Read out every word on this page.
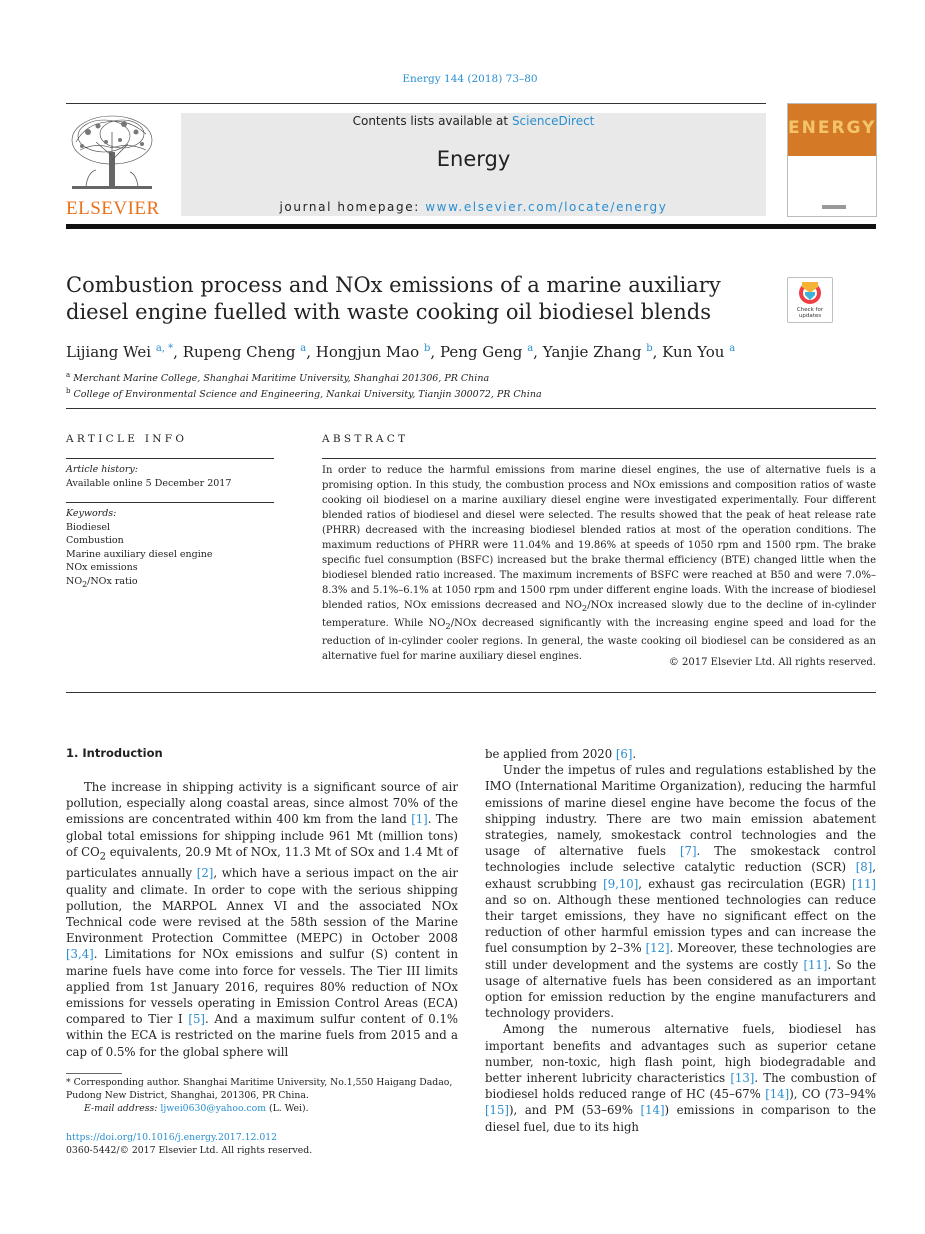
Energy 144 (2018) 73–80
ELSEVIER
Contents lists available at ScienceDirect
Energy
journal homepage: www.elsevier.com/locate/energy
ENERGY
Combustion process and NOx emissions of a marine auxiliary diesel engine fuelled with waste cooking oil biodiesel blends	Check for updates
Lijiang Wei $^{a, *}$, Rupeng Cheng $^a$, Hongjun Mao $^b$, Peng Geng $^a$, Yanjie Zhang $^b$, Kun You $^a$
$^a$ Merchant Marine College, Shanghai Maritime University, Shanghai 201306, PR China
$^b$ College of Environmental Science and Engineering, Nankai University, Tianjin 300072, PR China
ARTICLE INFO
Article history:
Available online 5 December 2017
Keywords:
Biodiesel
Combustion
Marine auxiliary diesel engine
NOx emissions
$NO_2$/NOx ratio
ABSTRACT
In order to reduce the harmful emissions from marine diesel engines, the use of alternative fuels is a promising option. In this study, the combustion process and NOx emissions and composition ratios of waste cooking oil biodiesel on a marine auxiliary diesel engine were investigated experimentally. Four different blended ratios of biodiesel and diesel were selected. The results showed that the peak of heat release rate (PHRR) decreased with the increasing biodiesel blended ratios at most of the operation conditions. The maximum reductions of PHRR were 11.04% and 19.86% at speeds of 1050 rpm and 1500 rpm. The brake specific fuel consumption (BSFC) increased but the brake thermal efficiency (BTE) changed little when the biodiesel blended ratio increased. The maximum increments of BSFC were reached at B50 and were 7.0%–8.3% and 5.1%–6.1% at 1050 rpm and 1500 rpm under different engine loads. With the increase of biodiesel blended ratios, NOx emissions decreased and $NO_2$/NOx increased slowly due to the decline of in-cylinder temperature. While $NO_2$/NOx decreased significantly with the increasing engine speed and load for the reduction of in-cylinder cooler regions. In general, the waste cooking oil biodiesel can be considered as an alternative fuel for marine auxiliary diesel engines.
© 2017 Elsevier Ltd. All rights reserved.
1. Introduction

The increase in shipping activity is a significant source of air pollution, especially along coastal areas, since almost 70% of the emissions are concentrated within 400 km from the land [1]. The global total emissions for shipping include 961 Mt (million tons) of $CO_2$ equivalents, 20.9 Mt of NOx, 11.3 Mt of SOx and 1.4 Mt of particulates annually [2], which have a serious impact on the air quality and climate. In order to cope with the serious shipping pollution, the MARPOL Annex VI and the associated NOx Technical code were revised at the 58th session of the Marine Environment Protection Committee (MEPC) in October 2008 [3,4]. Limitations for NOx emissions and sulfur (S) content in marine fuels have come into force for vessels. The Tier III limits applied from 1st January 2016, requires 80% reduction of NOx emissions for vessels operating in Emission Control Areas (ECA) compared to Tier I [5]. And a maximum sulfur content of 0.1% within the ECA is restricted on the marine fuels from 2015 and a cap of 0.5% for the global sphere will

be applied from 2020 [6].

Under the impetus of rules and regulations established by the IMO (International Maritime Organization), reducing the harmful emissions of marine diesel engine have become the focus of the shipping industry. There are two main emission abatement strategies, namely, smokestack control technologies and the usage of alternative fuels [7]. The smokestack control technologies include selective catalytic reduction (SCR) [8], exhaust scrubbing [9,10], exhaust gas recirculation (EGR) [11] and so on. Although these mentioned technologies can reduce their target emissions, they have no significant effect on the reduction of other harmful emission types and can increase the fuel consumption by 2–3% [12]. Moreover, these technologies are still under development and the systems are costly [11]. So the usage of alternative fuels has been considered as an important option for emission reduction by the engine manufacturers and technology providers.

Among the numerous alternative fuels, biodiesel has important benefits and advantages such as superior cetane number, non-toxic, high flash point, high biodegradable and better inherent lubricity characteristics [13]. The combustion of biodiesel holds reduced range of HC (45–67% [14]), CO (73–94% [15]), and PM (53–69% [14]) emissions in comparison to the diesel fuel, due to its high

* Corresponding author. Shanghai Maritime University, No.1,550 Haigang Dadao, Pudong New District, Shanghai, 201306, PR China.

E-mail address: ljwei0630@yahoo.com (L. Wei).

https://doi.org/10.1016/j.energy.2017.12.012

0360-5442/© 2017 Elsevier Ltd. All rights reserved.
